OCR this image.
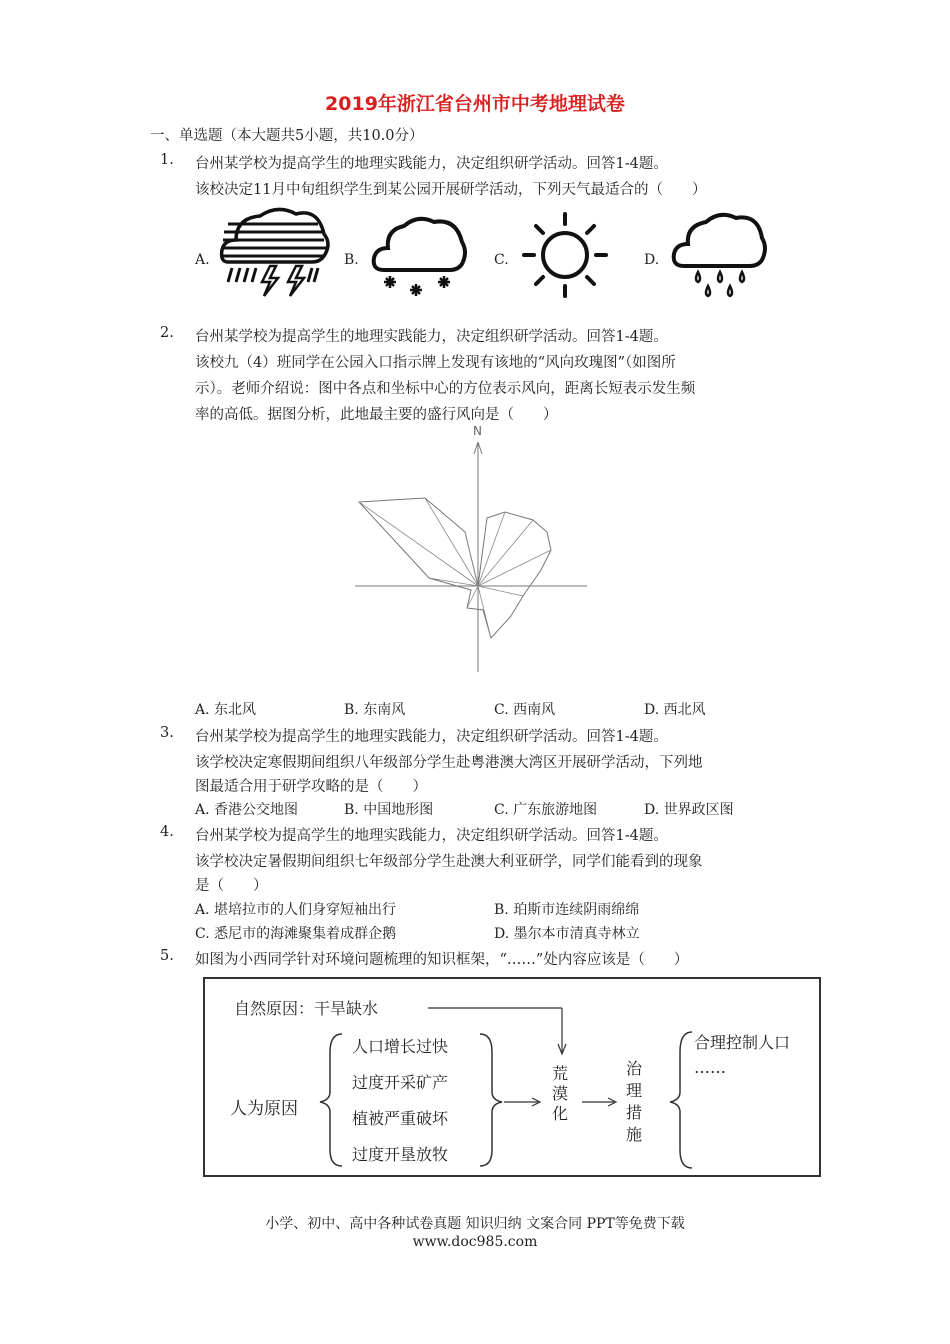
2019年浙江省台州市中考地理试卷
一、单选题（本大题共5小题，共10.0分）
1. 台州某学校为提高学生的地理实践能力，决定组织研学活动。回答1-4题。
该校决定11月中旬组织学生到某公园开展研学活动，下列天气最适合的（　　）
A.	B.	C.	D.
2. 台州某学校为提高学生的地理实践能力，决定组织研学活动。回答1-4题。
该校九（4）班同学在公园入口指示牌上发现有该地的“风向玫瑰图”（如图所
示）。老师介绍说：图中各点和坐标中心的方位表示风向，距离长短表示发生频
率的高低。据图分析，此地最主要的盛行风向是（　　）
N
A. 东北风	B. 东南风	C. 西南风	D. 西北风
3. 台州某学校为提高学生的地理实践能力，决定组织研学活动。回答1-4题。
该学校决定寒假期间组织八年级部分学生赴粤港澳大湾区开展研学活动，下列地
图最适合用于研学攻略的是（　　）
A. 香港公交地图	B. 中国地形图	C. 广东旅游地图	D. 世界政区图
4. 台州某学校为提高学生的地理实践能力，决定组织研学活动。回答1-4题。
该学校决定暑假期间组织七年级部分学生赴澳大利亚研学，同学们能看到的现象
是（　　）
A. 堪培拉市的人们身穿短袖出行	B. 珀斯市连续阴雨绵绵
C. 悉尼市的海滩聚集着成群企鹅	D. 墨尔本市清真寺林立
5. 如图为小西同学针对环境问题梳理的知识框架，“……”处内容应该是（　　）
自然原因：干旱缺水
人为原因
人口增长过快
过度开采矿产
植被严重破坏
过度开垦放牧
荒漠化
治理措施
合理控制人口
……
小学、初中、高中各种试卷真题 知识归纳 文案合同 PPT等免费下载
www.doc985.com
